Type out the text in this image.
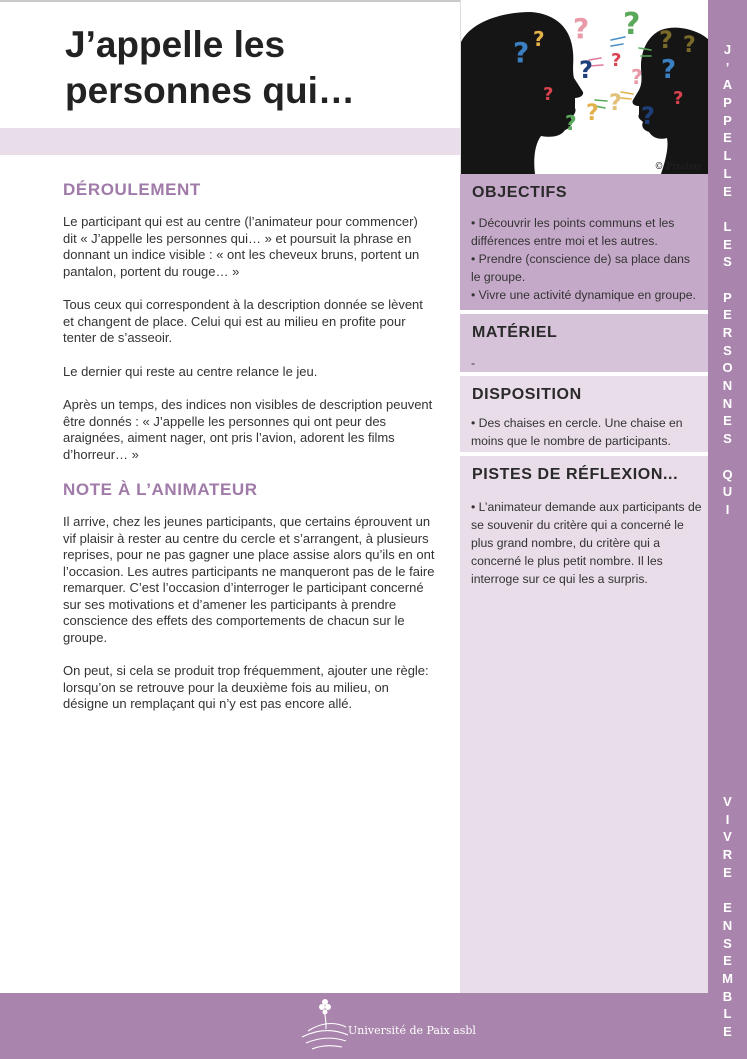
J’appelle les personnes qui…
DÉROULEMENT

Le participant qui est au centre (l’animateur pour commencer) dit « J’appelle les personnes qui… » et poursuit la phrase en donnant un indice visible : « ont les cheveux bruns, portent un pantalon, portent du rouge… »

Tous ceux qui correspondent à la description donnée se lèvent et changent de place. Celui qui est au milieu en profite pour tenter de s’asseoir.

Le dernier qui reste au centre relance le jeu.

Après un temps, des indices non visibles de description peuvent être donnés : « J’appelle les personnes qui ont peur des araignées, aiment nager, ont pris l’avion, adorent les films d’horreur… »

NOTE À L’ANIMATEUR

Il arrive, chez les jeunes participants, que certains éprouvent un vif plaisir à rester au centre du cercle et s’arrangent, à plusieurs reprises, pour ne pas gagner une place assise alors qu’ils en ont l’occasion. Les autres participants ne manqueront pas de le faire remarquer. C’est l’occasion d’interroger le participant concerné sur ses motivations et d’amener les participants à prendre conscience des effets des comportements de chacun sur le groupe.

On peut, si cela se produit trop fréquemment, ajouter une règle: lorsqu’on se retrouve pour la deuxième fois au milieu, on désigne un remplaçant qui n’y est pas encore allé.

? ?
?
?
?
?
?
?
?
?
?
?
?
?
?
?
© Pixabay
OBJECTIFS
• Découvrir les points communs et les différences entre moi et les autres.
• Prendre (conscience de) sa place dans le groupe.
• Vivre une activité dynamique en groupe.
MATÉRIEL
-
DISPOSITION
• Des chaises en cercle. Une chaise en moins que le nombre de participants.
PISTES DE RÉFLEXION...
• L’animateur demande aux participants de se souvenir du critère qui a concerné le plus grand nombre, du critère qui a concerné le plus petit nombre. Il les interroge sur ce qui les a surpris.
J
’
A
P
P
E
L
L
E

L
E
S

P
E
R
S
O
N
N
E
S

Q
U
I
V
I
V
R
E

E
N
S
E
M
B
L
E
Université de Paix asbl
